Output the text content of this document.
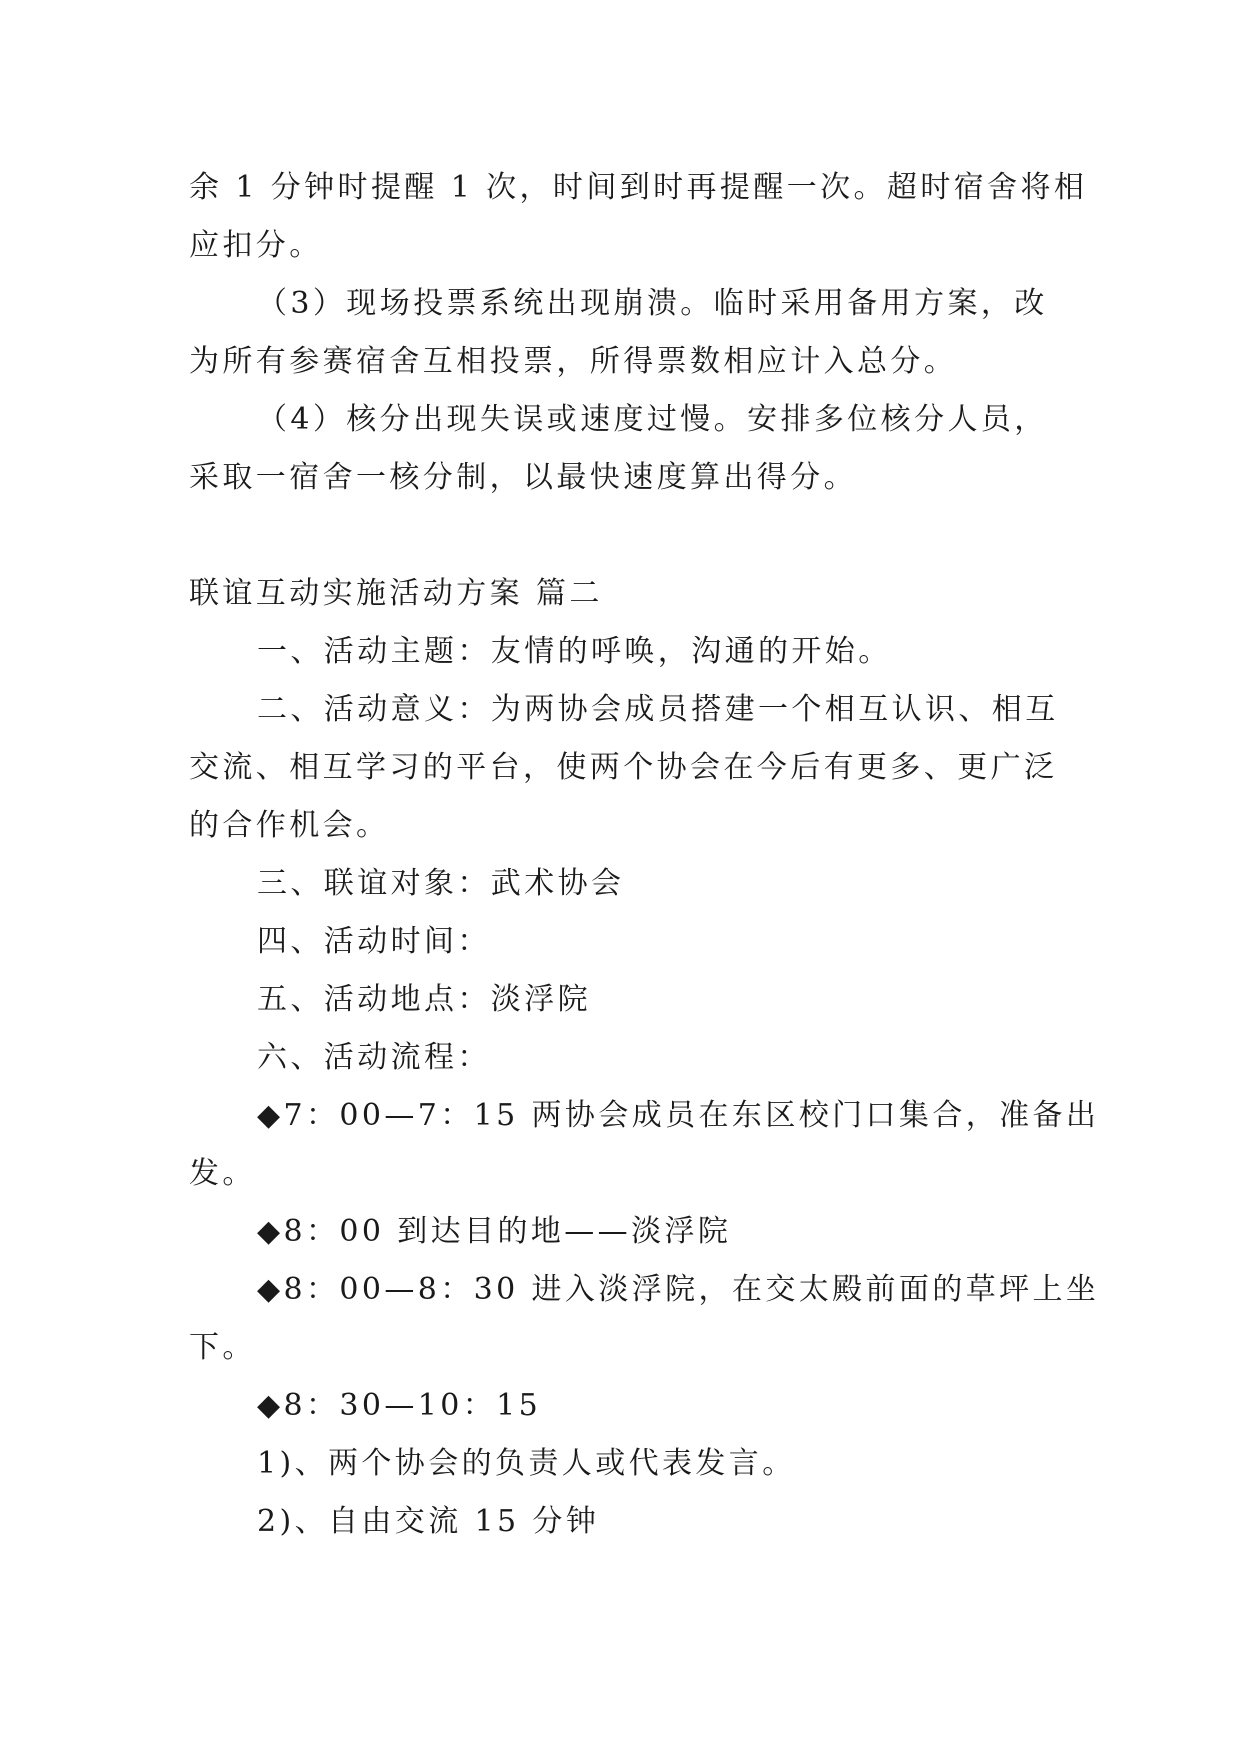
余 1 分钟时提醒 1 次，时间到时再提醒一次。超时宿舍将相

应扣分。

（3）现场投票系统出现崩溃。临时采用备用方案，改

为所有参赛宿舍互相投票，所得票数相应计入总分。

（4）核分出现失误或速度过慢。安排多位核分人员，

采取一宿舍一核分制，以最快速度算出得分。

联谊互动实施活动方案 篇二

一、活动主题：友情的呼唤，沟通的开始。

二、活动意义：为两协会成员搭建一个相互认识、相互

交流、相互学习的平台，使两个协会在今后有更多、更广泛

的合作机会。

三、联谊对象：武术协会

四、活动时间：

五、活动地点：淡浮院

六、活动流程：

◆7：00—7：15 两协会成员在东区校门口集合，准备出

发。

◆8：00 到达目的地——淡浮院

◆8：00—8：30 进入淡浮院，在交太殿前面的草坪上坐

下。

◆8：30—10：15

1)、两个协会的负责人或代表发言。

2)、自由交流 15 分钟
